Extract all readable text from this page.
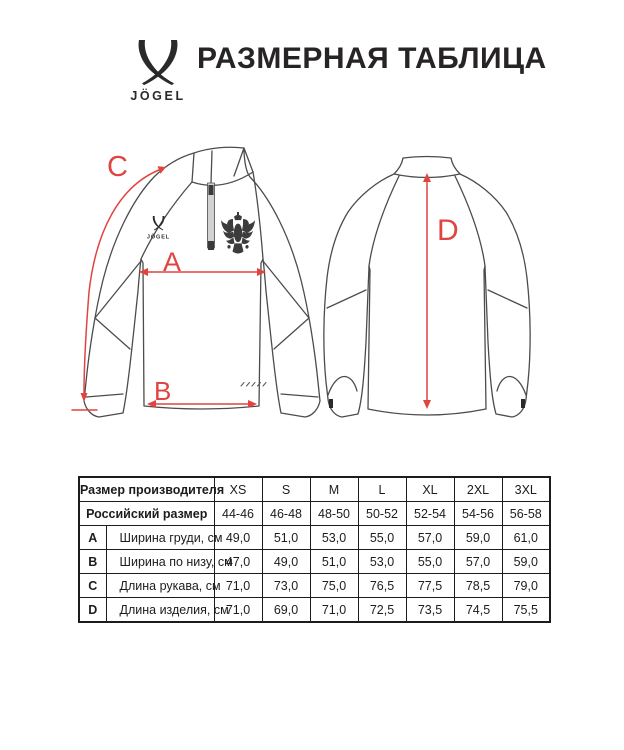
JÖGEL
РАЗМЕРНАЯ ТАБЛИЦА
JÖGEL
A
B
C
D
Размер производителя		XS	S	M	L	XL	2XL	3XL
Российский размер		44-46	46-48	48-50	50-52	52-54	54-56	56-58
A	Ширина груди, см	49,0	51,0	53,0	55,0	57,0	59,0	61,0
B	Ширина по низу, см	47,0	49,0	51,0	53,0	55,0	57,0	59,0
C	Длина рукава, см	71,0	73,0	75,0	76,5	77,5	78,5	79,0
D	Длина изделия, см	71,0	69,0	71,0	72,5	73,5	74,5	75,5
